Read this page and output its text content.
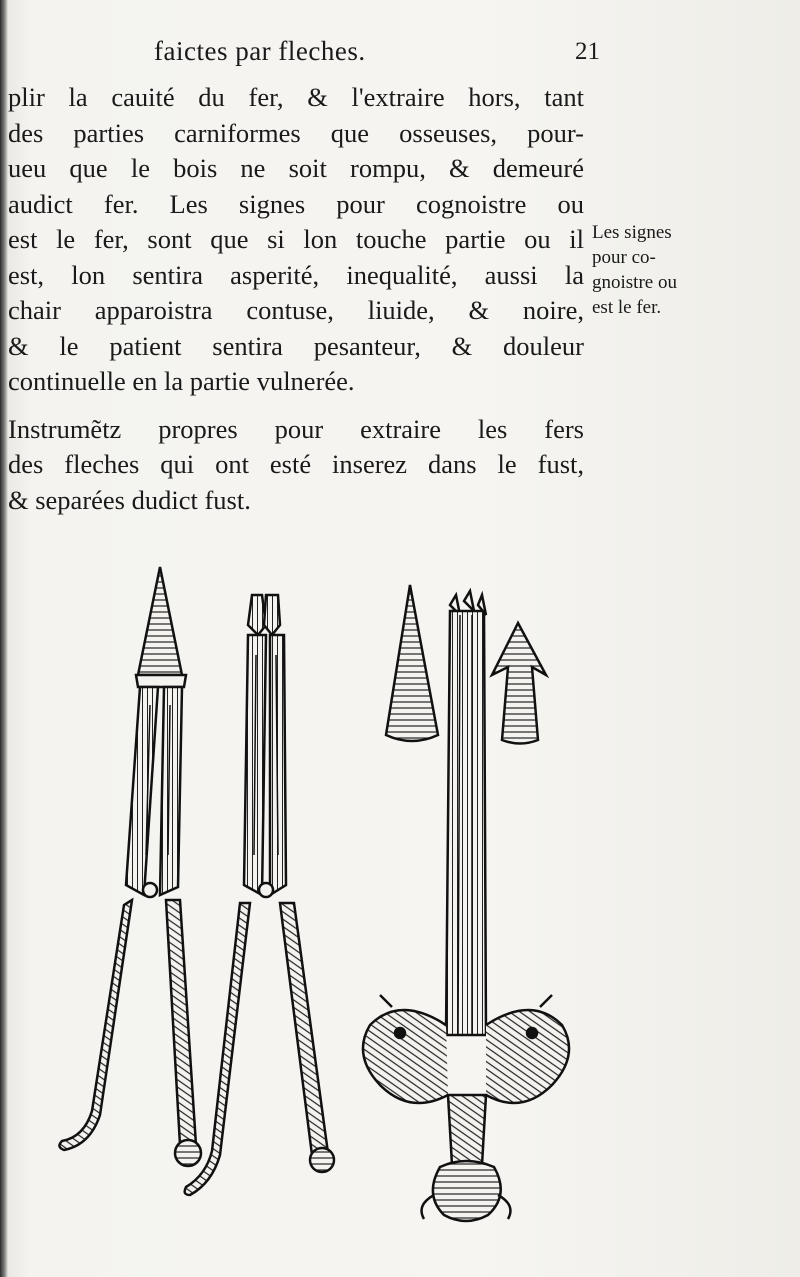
faictes par fleches.	21
plir la cauité du fer, & l'extraire hors, tant
des parties carniformes que osseuses, pour-
ueu que le bois ne soit rompu, & demeuré
audict fer. Les signes pour cognoistre ou
est le fer, sont que si lon touche partie ou il
est, lon sentira asperité, inequalité, aussi la
chair apparoistra contuse, liuide, & noire,
& le patient sentira pesanteur, & douleur
continuelle en la partie vulnerée.
Instrumẽtz propres pour extraire les fers
des fleches qui ont esté inserez dans le fust,
& separées dudict fust.
Les signes
pour co-
gnoistre ou
est le fer.
